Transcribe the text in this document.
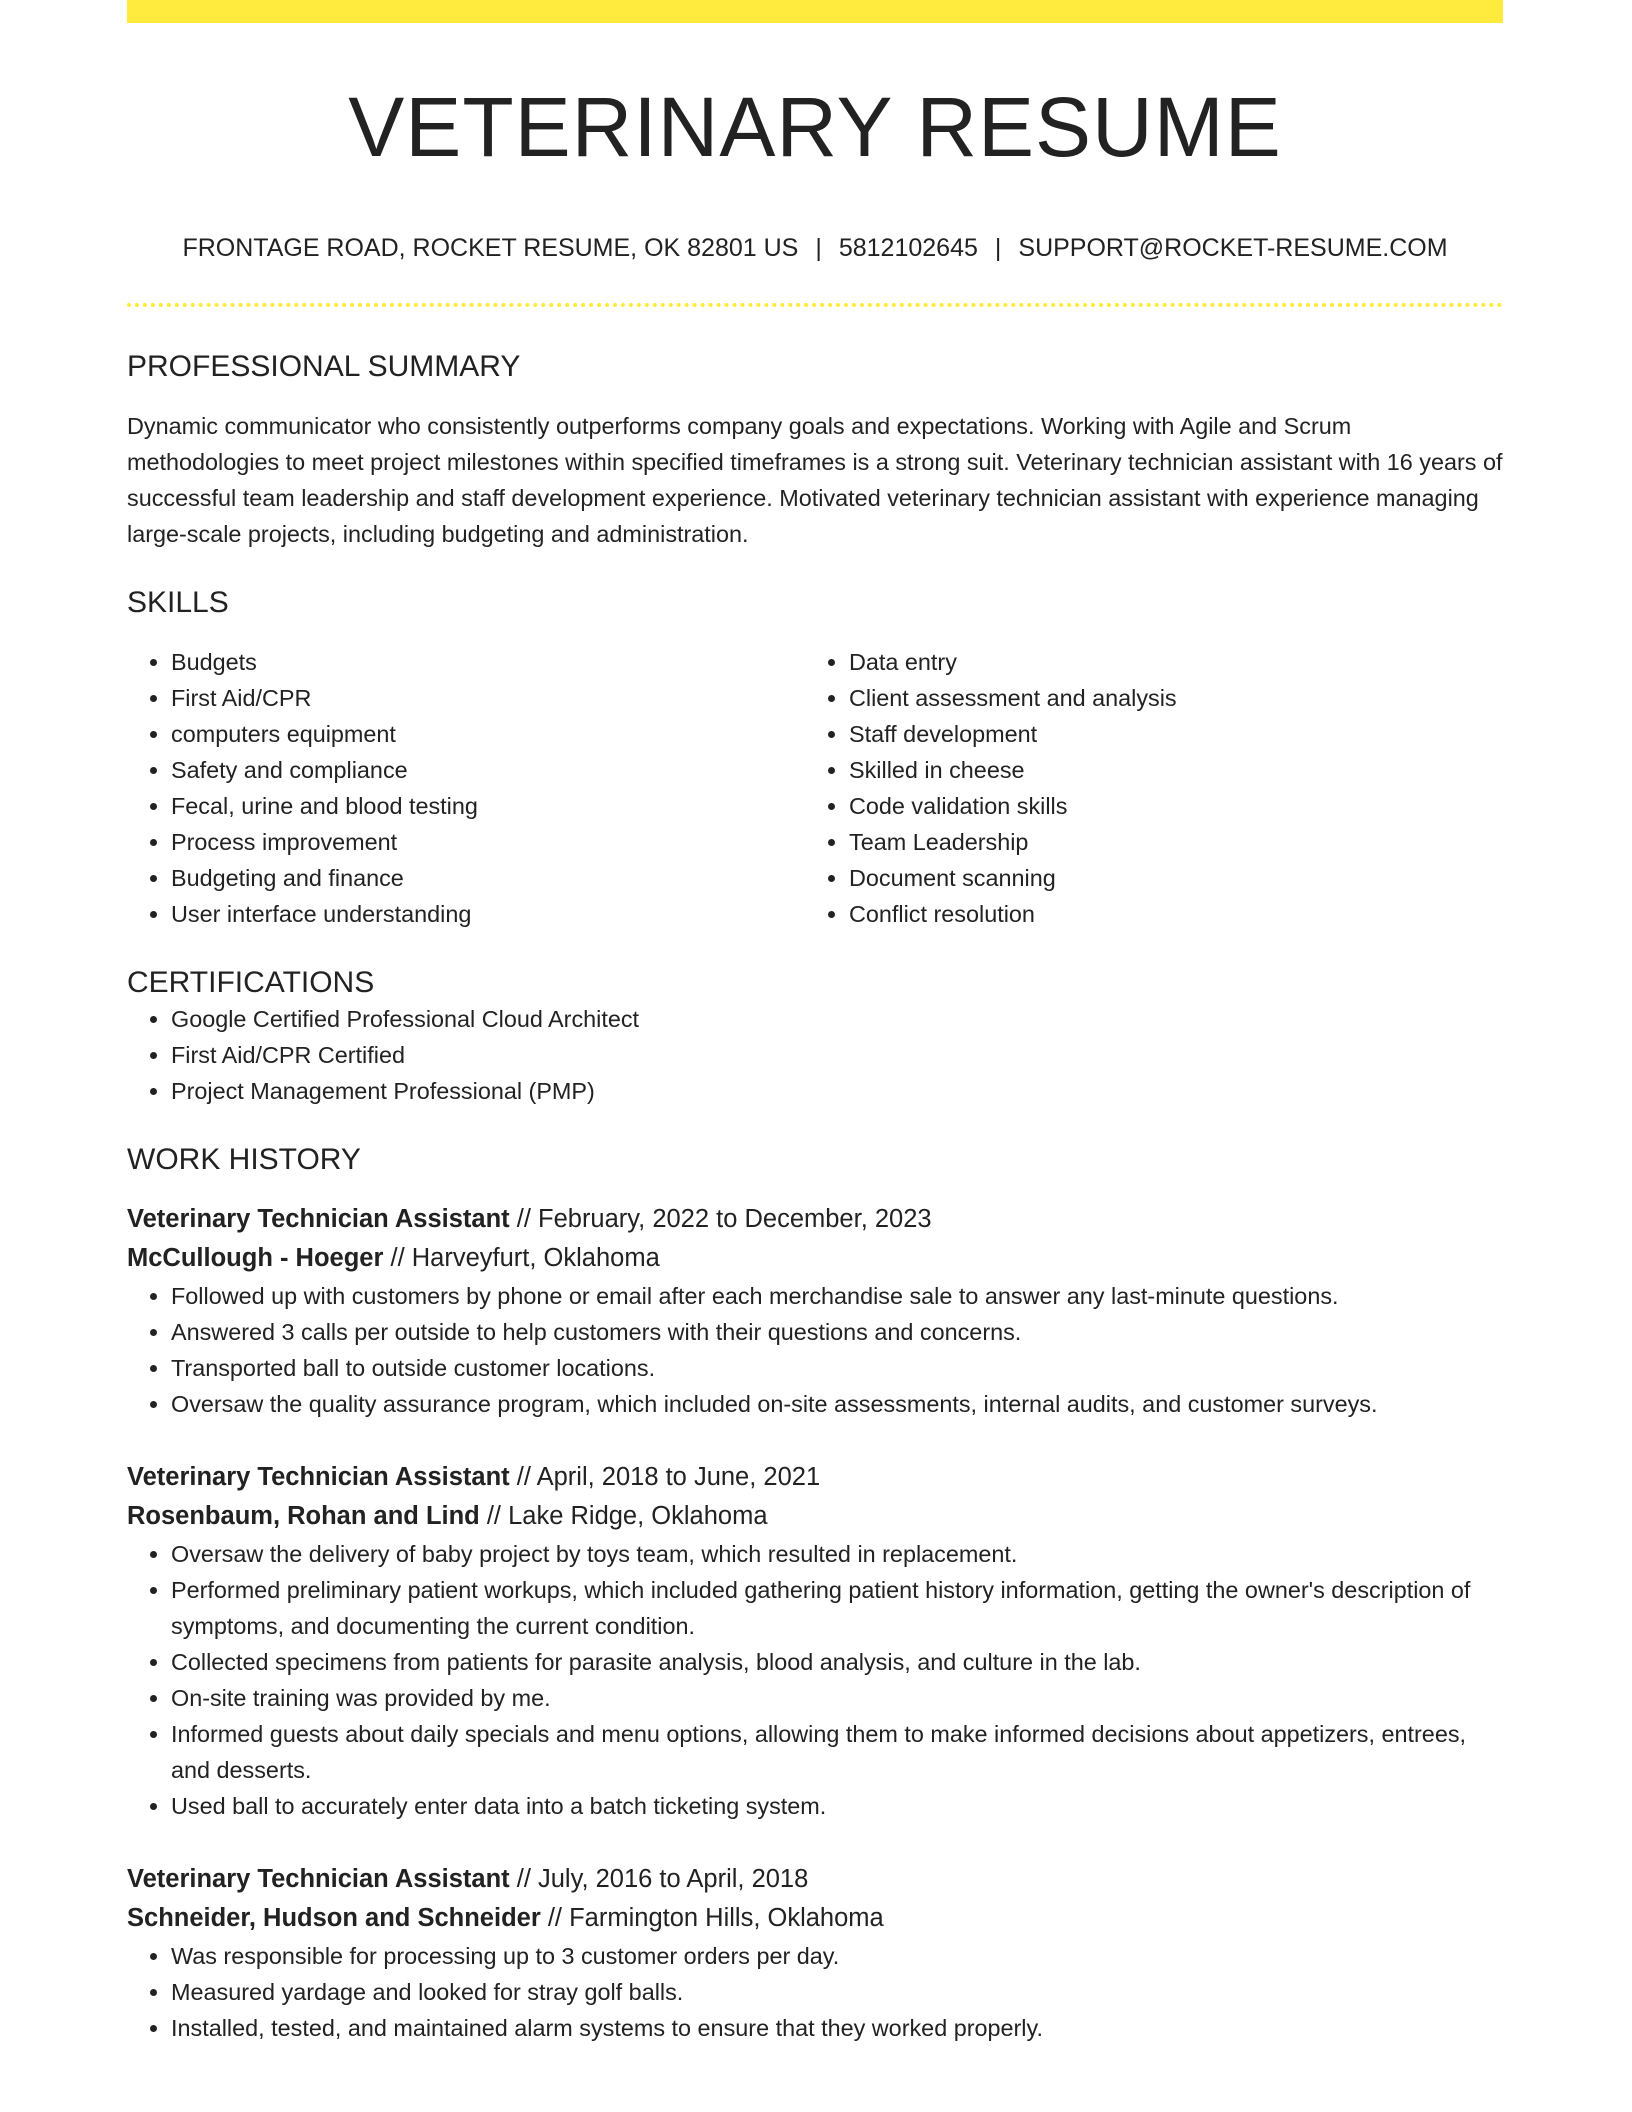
VETERINARY RESUME
FRONTAGE ROAD, ROCKET RESUME, OK 82801 US | 5812102645 | SUPPORT@ROCKET-RESUME.COM
PROFESSIONAL SUMMARY

Dynamic communicator who consistently outperforms company goals and expectations. Working with Agile and Scrum methodologies to meet project milestones within specified timeframes is a strong suit. Veterinary technician assistant with 16 years of successful team leadership and staff development experience. Motivated veterinary technician assistant with experience managing large-scale projects, including budgeting and administration.

SKILLS
• Budgets
• First Aid/CPR
• computers equipment
• Safety and compliance
• Fecal, urine and blood testing
• Process improvement
• Budgeting and finance
• User interface understanding
• Data entry
• Client assessment and analysis
• Staff development
• Skilled in cheese
• Code validation skills
• Team Leadership
• Document scanning
• Conflict resolution
CERTIFICATIONS
• Google Certified Professional Cloud Architect
• First Aid/CPR Certified
• Project Management Professional (PMP)
WORK HISTORY
Veterinary Technician Assistant // February, 2022 to December, 2023
McCullough - Hoeger // Harveyfurt, Oklahoma
• Followed up with customers by phone or email after each merchandise sale to answer any last-minute questions.
• Answered 3 calls per outside to help customers with their questions and concerns.
• Transported ball to outside customer locations.
• Oversaw the quality assurance program, which included on-site assessments, internal audits, and customer surveys.
Veterinary Technician Assistant // April, 2018 to June, 2021
Rosenbaum, Rohan and Lind // Lake Ridge, Oklahoma
• Oversaw the delivery of baby project by toys team, which resulted in replacement.
• Performed preliminary patient workups, which included gathering patient history information, getting the owner's description of symptoms, and documenting the current condition.
• Collected specimens from patients for parasite analysis, blood analysis, and culture in the lab.
• On-site training was provided by me.
• Informed guests about daily specials and menu options, allowing them to make informed decisions about appetizers, entrees, and desserts.
• Used ball to accurately enter data into a batch ticketing system.
Veterinary Technician Assistant // July, 2016 to April, 2018
Schneider, Hudson and Schneider // Farmington Hills, Oklahoma
• Was responsible for processing up to 3 customer orders per day.
• Measured yardage and looked for stray golf balls.
• Installed, tested, and maintained alarm systems to ensure that they worked properly.
